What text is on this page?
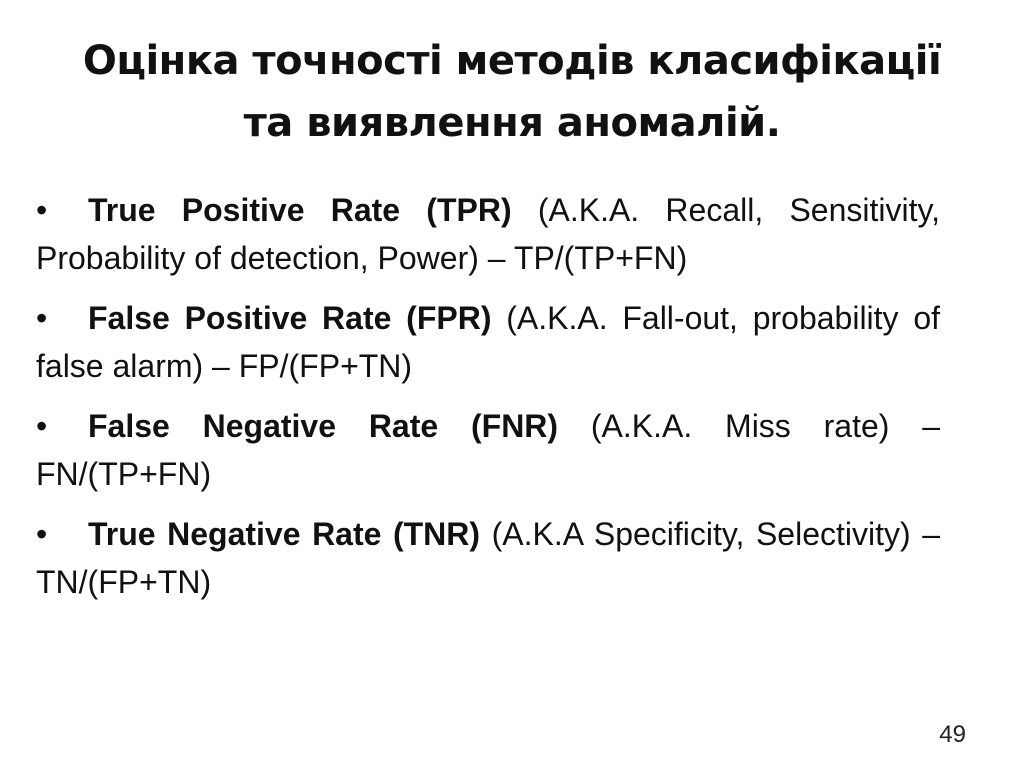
Оцінка точності методів класифікації
та виявлення аномалій.
• True Positive Rate (TPR) (A.K.A. Recall, Sensitivity, Probability of detection, Power) – TP/(TP+FN)
• False Positive Rate (FPR) (A.K.A. Fall-out, probability of false alarm) – FP/(FP+TN)
• False Negative Rate (FNR) (A.K.A. Miss rate) – FN/(TP+FN)
• True Negative Rate (TNR) (A.K.A Specificity, Selectivity) – TN/(FP+TN)
49
